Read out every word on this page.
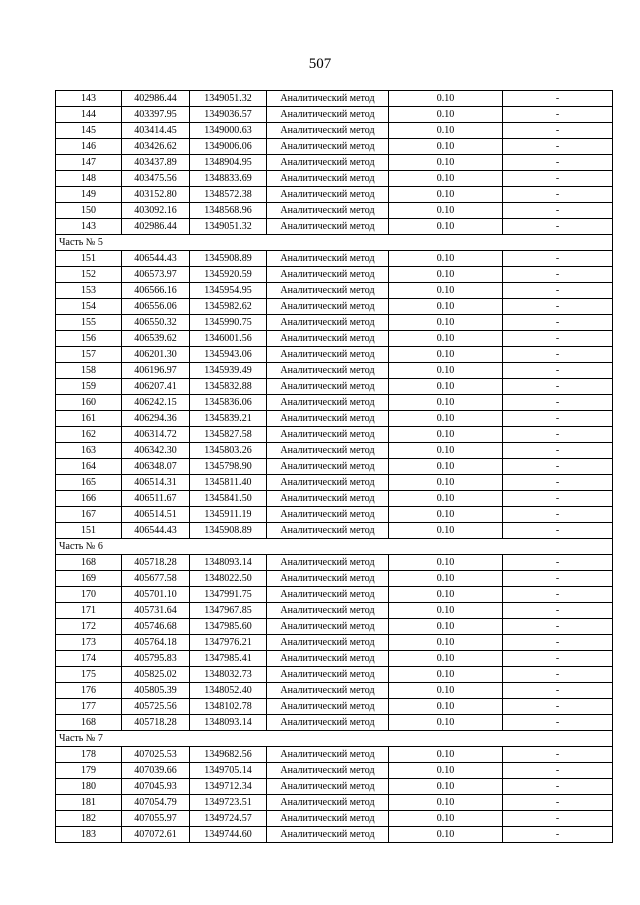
507
143	402986.44	1349051.32	Аналитический метод	0.10	-
144	403397.95	1349036.57	Аналитический метод	0.10	-
145	403414.45	1349000.63	Аналитический метод	0.10	-
146	403426.62	1349006.06	Аналитический метод	0.10	-
147	403437.89	1348904.95	Аналитический метод	0.10	-
148	403475.56	1348833.69	Аналитический метод	0.10	-
149	403152.80	1348572.38	Аналитический метод	0.10	-
150	403092.16	1348568.96	Аналитический метод	0.10	-
143	402986.44	1349051.32	Аналитический метод	0.10	-
Часть № 5					
151	406544.43	1345908.89	Аналитический метод	0.10	-
152	406573.97	1345920.59	Аналитический метод	0.10	-
153	406566.16	1345954.95	Аналитический метод	0.10	-
154	406556.06	1345982.62	Аналитический метод	0.10	-
155	406550.32	1345990.75	Аналитический метод	0.10	-
156	406539.62	1346001.56	Аналитический метод	0.10	-
157	406201.30	1345943.06	Аналитический метод	0.10	-
158	406196.97	1345939.49	Аналитический метод	0.10	-
159	406207.41	1345832.88	Аналитический метод	0.10	-
160	406242.15	1345836.06	Аналитический метод	0.10	-
161	406294.36	1345839.21	Аналитический метод	0.10	-
162	406314.72	1345827.58	Аналитический метод	0.10	-
163	406342.30	1345803.26	Аналитический метод	0.10	-
164	406348.07	1345798.90	Аналитический метод	0.10	-
165	406514.31	1345811.40	Аналитический метод	0.10	-
166	406511.67	1345841.50	Аналитический метод	0.10	-
167	406514.51	1345911.19	Аналитический метод	0.10	-
151	406544.43	1345908.89	Аналитический метод	0.10	-
Часть № 6					
168	405718.28	1348093.14	Аналитический метод	0.10	-
169	405677.58	1348022.50	Аналитический метод	0.10	-
170	405701.10	1347991.75	Аналитический метод	0.10	-
171	405731.64	1347967.85	Аналитический метод	0.10	-
172	405746.68	1347985.60	Аналитический метод	0.10	-
173	405764.18	1347976.21	Аналитический метод	0.10	-
174	405795.83	1347985.41	Аналитический метод	0.10	-
175	405825.02	1348032.73	Аналитический метод	0.10	-
176	405805.39	1348052.40	Аналитический метод	0.10	-
177	405725.56	1348102.78	Аналитический метод	0.10	-
168	405718.28	1348093.14	Аналитический метод	0.10	-
Часть № 7					
178	407025.53	1349682.56	Аналитический метод	0.10	-
179	407039.66	1349705.14	Аналитический метод	0.10	-
180	407045.93	1349712.34	Аналитический метод	0.10	-
181	407054.79	1349723.51	Аналитический метод	0.10	-
182	407055.97	1349724.57	Аналитический метод	0.10	-
183	407072.61	1349744.60	Аналитический метод	0.10	-
